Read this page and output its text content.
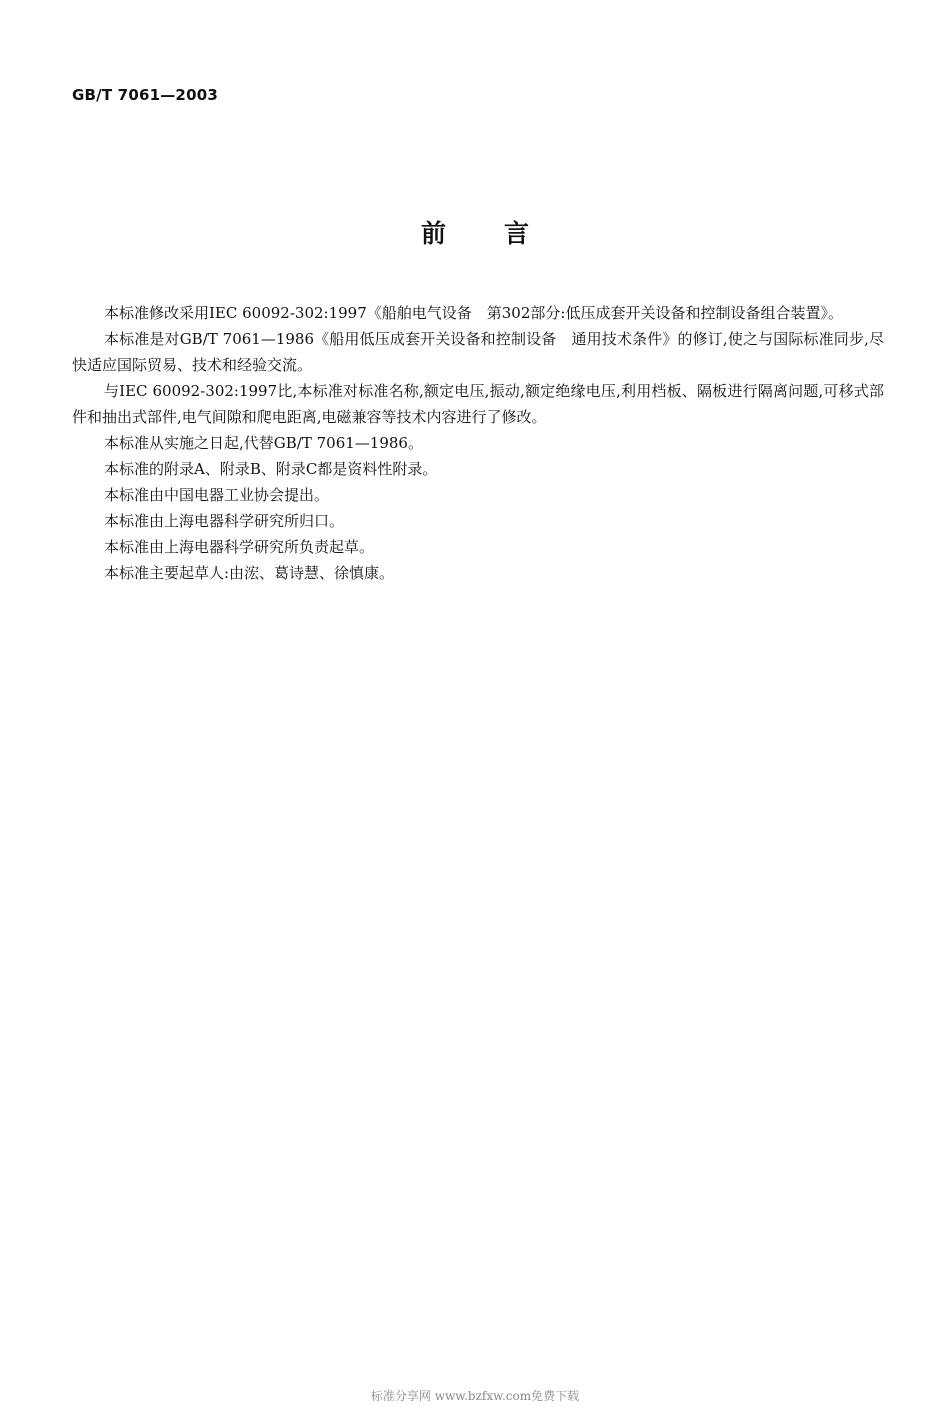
GB/T 7061—2003
前 言

本标准修改采用IEC 60092-302:1997《船舶电气设备　第302部分:低压成套开关设备和控制设备组合装置》。

本标准是对GB/T 7061—1986《船用低压成套开关设备和控制设备　通用技术条件》的修订,使之与国际标准同步,尽快适应国际贸易、技术和经验交流。

与IEC 60092-302:1997比,本标准对标准名称,额定电压,振动,额定绝缘电压,利用档板、隔板进行隔离问题,可移式部件和抽出式部件,电气间隙和爬电距离,电磁兼容等技术内容进行了修改。

本标准从实施之日起,代替GB/T 7061—1986。

本标准的附录A、附录B、附录C都是资料性附录。

本标准由中国电器工业协会提出。

本标准由上海电器科学研究所归口。

本标准由上海电器科学研究所负责起草。

本标准主要起草人:由浤、葛诗慧、徐慎康。

标准分享网 www.bzfxw.com免费下载
